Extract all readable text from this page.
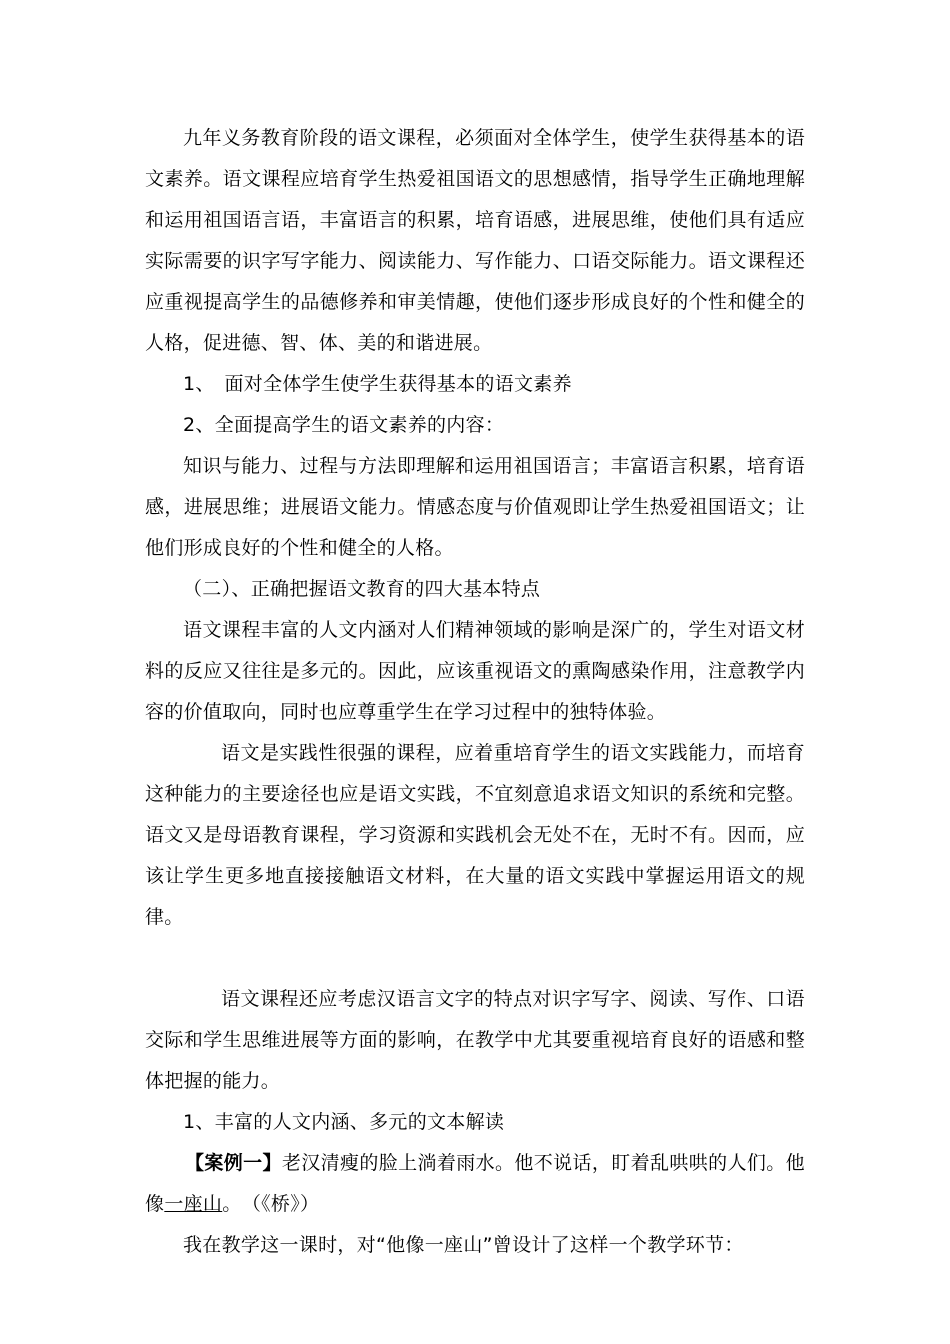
九年义务教育阶段的语文课程，必须面对全体学生，使学生获得基本的语文素养。语文课程应培育学生热爱祖国语文的思想感情，指导学生正确地理解和运用祖国语言语，丰富语言的积累，培育语感，进展思维，使他们具有适应实际需要的识字写字能力、阅读能力、写作能力、口语交际能力。语文课程还应重视提高学生的品德修养和审美情趣，使他们逐步形成良好的个性和健全的人格，促进德、智、体、美的和谐进展。

1、　面对全体学生使学生获得基本的语文素养

2、全面提高学生的语文素养的内容：

知识与能力、过程与方法即理解和运用祖国语言；丰富语言积累，培育语感，进展思维；进展语文能力。情感态度与价值观即让学生热爱祖国语文；让他们形成良好的个性和健全的人格。

（二）、正确把握语文教育的四大基本特点

语文课程丰富的人文内涵对人们精神领域的影响是深广的，学生对语文材料的反应又往往是多元的。因此，应该重视语文的熏陶感染作用，注意教学内容的价值取向，同时也应尊重学生在学习过程中的独特体验。

语文是实践性很强的课程，应着重培育学生的语文实践能力，而培育这种能力的主要途径也应是语文实践，不宜刻意追求语文知识的系统和完整。语文又是母语教育课程，学习资源和实践机会无处不在，无时不有。因而，应该让学生更多地直接接触语文材料，在大量的语文实践中掌握运用语文的规律。

语文课程还应考虑汉语言文字的特点对识字写字、阅读、写作、口语交际和学生思维进展等方面的影响，在教学中尤其要重视培育良好的语感和整体把握的能力。

1、丰富的人文内涵、多元的文本解读

【案例一】老汉清瘦的脸上淌着雨水。他不说话，盯着乱哄哄的人们。他像一座山。　（《桥》）

我在教学这一课时，对“他像一座山”曾设计了这样一个教学环节：
